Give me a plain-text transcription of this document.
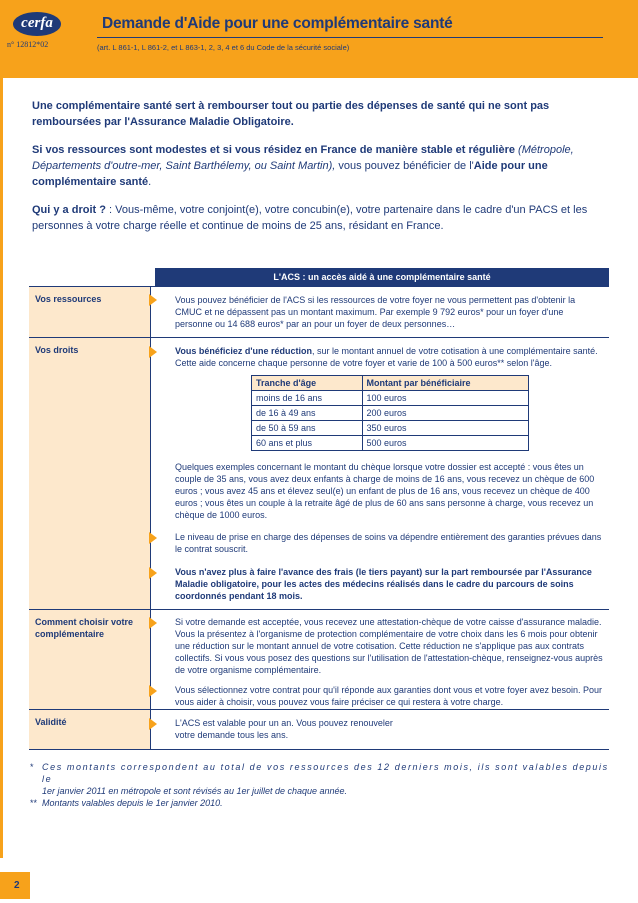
cerfa
n° 12812*02
Demande d'Aide pour une complémentaire santé
(art. L 861-1, L 861-2, et L 863-1, 2, 3, 4 et 6 du Code de la sécurité sociale)
Une complémentaire santé sert à rembourser tout ou partie des dépenses de santé qui ne sont pas remboursées par l'Assurance Maladie Obligatoire.
Si vos ressources sont modestes et si vous résidez en France de manière stable et régulière (Métropole, Départements d'outre-mer, Saint Barthélemy, ou Saint Martin), vous pouvez bénéficier de l'Aide pour une complémentaire santé.
Qui y a droit ? : Vous-même, votre conjoint(e), votre concubin(e), votre partenaire dans le cadre d'un PACS et les personnes à votre charge réelle et continue de moins de 25 ans, résidant en France.
L'ACS : un accès aidé à une complémentaire santé
Vos ressources	Vous pouvez bénéficier de l'ACS si les ressources de votre foyer ne vous permettent pas d'obtenir la CMUC et ne dépassent pas un montant maximum. Par exemple 9 792 euros* pour un foyer d'une personne ou 14 688 euros* par an pour un foyer de deux personnes…
Vos droits	Vous bénéficiez d'une réduction, sur le montant annuel de votre cotisation à une complémentaire santé. Cette aide concerne chaque personne de votre foyer et varie de 100 à 500 euros** selon l'âge.
Tranche d'âge	Montant par bénéficiaire
moins de 16 ans	100 euros
de 16 à 49 ans	200 euros
de 50 à 59 ans	350 euros
60 ans et plus	500 euros
Quelques exemples concernant le montant du chèque lorsque votre dossier est accepté : vous êtes un couple de 35 ans, vous avez deux enfants à charge de moins de 16 ans, vous recevez un chèque de 600 euros ; vous avez 45 ans et élevez seul(e) un enfant de plus de 16 ans, vous recevez un chèque de 400 euros ; vous êtes un couple à la retraite âgé de plus de 60 ans sans personne à charge, vous recevez un chèque de 1000 euros.
Le niveau de prise en charge des dépenses de soins va dépendre entièrement des garanties prévues dans le contrat souscrit.
Vous n'avez plus à faire l'avance des frais (le tiers payant) sur la part remboursée par l'Assurance Maladie obligatoire, pour les actes des médecins réalisés dans le cadre du parcours de soins coordonnés pendant 18 mois.
Comment choisir votre complémentaire
Si votre demande est acceptée, vous recevez une attestation-chèque de votre caisse d'assurance maladie. Vous la présentez à l'organisme de protection complémentaire de votre choix dans les 6 mois pour obtenir une réduction sur le montant annuel de votre cotisation. Cette réduction ne s'applique pas aux contrats collectifs. Si vous vous posez des questions sur l'utilisation de l'attestation-chèque, renseignez-vous auprès de votre organisme complémentaire.
Vous sélectionnez votre contrat pour qu'il réponde aux garanties dont vous et votre foyer avez besoin. Pour vous aider à choisir, vous pouvez vous faire préciser ce qui restera à votre charge.
Validité	L'ACS est valable pour un an. Vous pouvez renouveler votre demande tous les ans.
* Ces montants correspondent au total de vos ressources des 12 derniers mois, ils sont valables depuis le
1er janvier 2011 en métropole et sont révisés au 1er juillet de chaque année.
** Montants valables depuis le 1er janvier 2010.
2
